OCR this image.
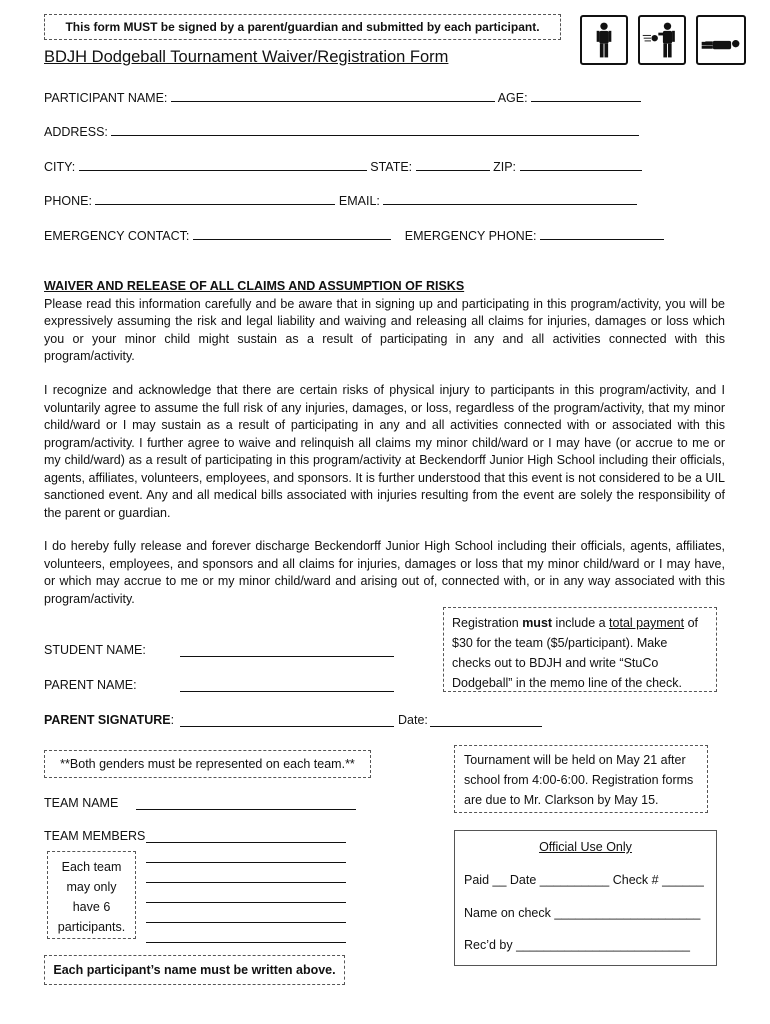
This form MUST be signed by a parent/guardian and submitted by each participant.
BDJH Dodgeball Tournament Waiver/Registration Form
PARTICIPANT NAME:	AGE:
ADDRESS:
CITY:	STATE:	ZIP:
PHONE:	EMAIL:
EMERGENCY CONTACT:	EMERGENCY PHONE:
WAIVER AND RELEASE OF ALL CLAIMS AND ASSUMPTION OF RISKS
Please read this information carefully and be aware that in signing up and participating in this program/activity, you will be expressively assuming the risk and legal liability and waiving and releasing all claims for injuries, damages or loss which you or your minor child might sustain as a result of participating in any and all activities connected with this program/activity.
I recognize and acknowledge that there are certain risks of physical injury to participants in this program/activity, and I voluntarily agree to assume the full risk of any injuries, damages, or loss, regardless of the program/activity, that my minor child/ward or I may sustain as a result of participating in any and all activities connected with or associated with this program/activity. I further agree to waive and relinquish all claims my minor child/ward or I may have (or accrue to me or my child/ward) as a result of participating in this program/activity at Beckendorff Junior High School including their officials, agents, affiliates, volunteers, employees, and sponsors. It is further understood that this event is not considered to be a UIL sanctioned event. Any and all medical bills associated with injuries resulting from the event are solely the responsibility of the parent or guardian.
I do hereby fully release and forever discharge Beckendorff Junior High School including their officials, agents, affiliates, volunteers, employees, and sponsors and all claims for injuries, damages or loss that my minor child/ward or I may have, or which may accrue to me or my minor child/ward and arising out of, connected with, or in any way associated with this program/activity.
Registration must include a total payment of $30 for the team ($5/participant). Make checks out to BDJH and write “StuCo Dodgeball” in the memo line of the check.
STUDENT NAME:
PARENT NAME:
PARENT SIGNATURE:	Date:
**Both genders must be represented on each team.**	Tournament will be held on May 21 after school from 4:00-6:00. Registration forms are due to Mr. Clarkson by May 15.
TEAM NAME
TEAM MEMBERS
Each team may only have 6 participants.
Each participant’s name must be written above.
Official Use Only
Paid __ Date __________ Check # ______
Name on check _____________________
Rec’d by _________________________
